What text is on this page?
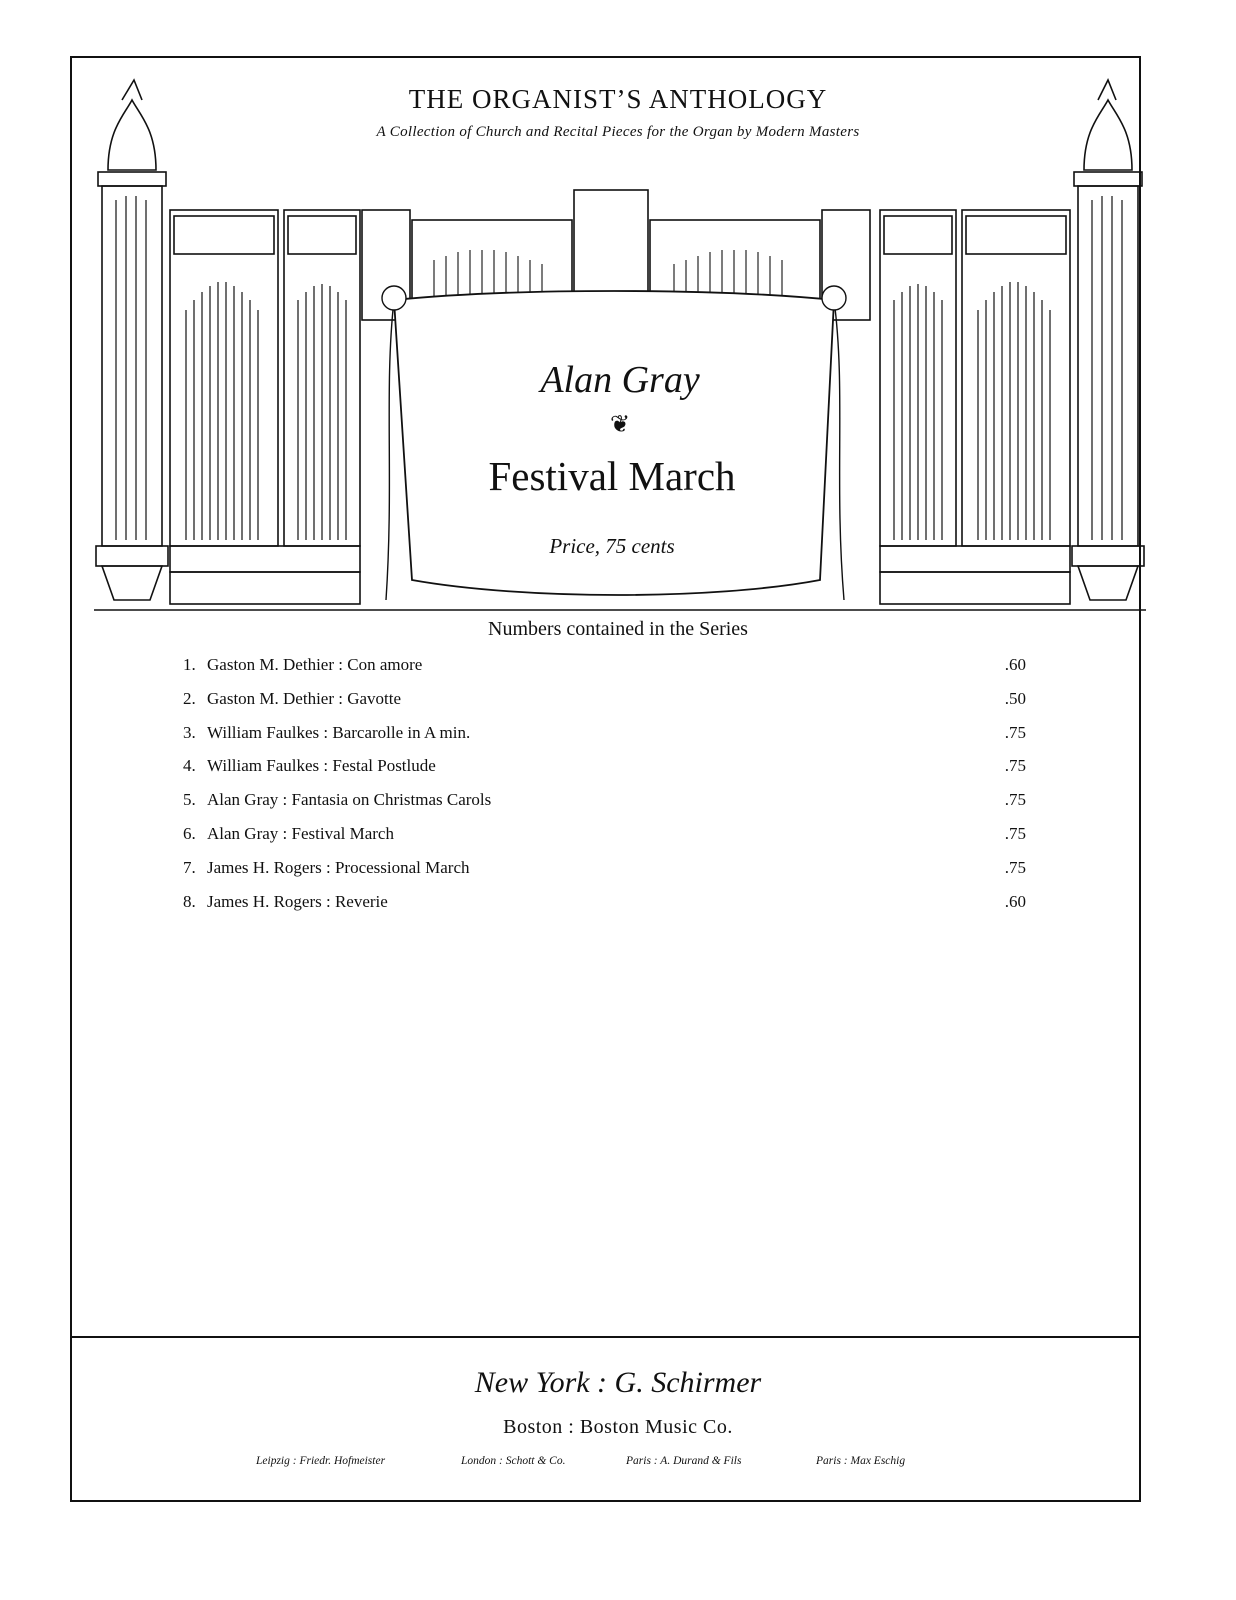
THE ORGANIST’S ANTHOLOGY
A Collection of Church and Recital Pieces for the Organ by Modern Masters
Alan Gray
❦
Festival March
Price, 75 cents
Numbers contained in the Series
1. Gaston M. Dethier : Con amore	.60
2. Gaston M. Dethier : Gavotte	.50
3. William Faulkes : Barcarolle in A min.	.75
4. William Faulkes : Festal Postlude	.75
5. Alan Gray : Fantasia on Christmas Carols	.75
6. Alan Gray : Festival March	.75
7. James H. Rogers : Processional March	.75
8. James H. Rogers : Reverie	.60
New York : G. Schirmer
Boston : Boston Music Co.
Leipzig : Friedr. Hofmeister	London : Schott & Co.	Paris : A. Durand & Fils	Paris : Max Eschig
